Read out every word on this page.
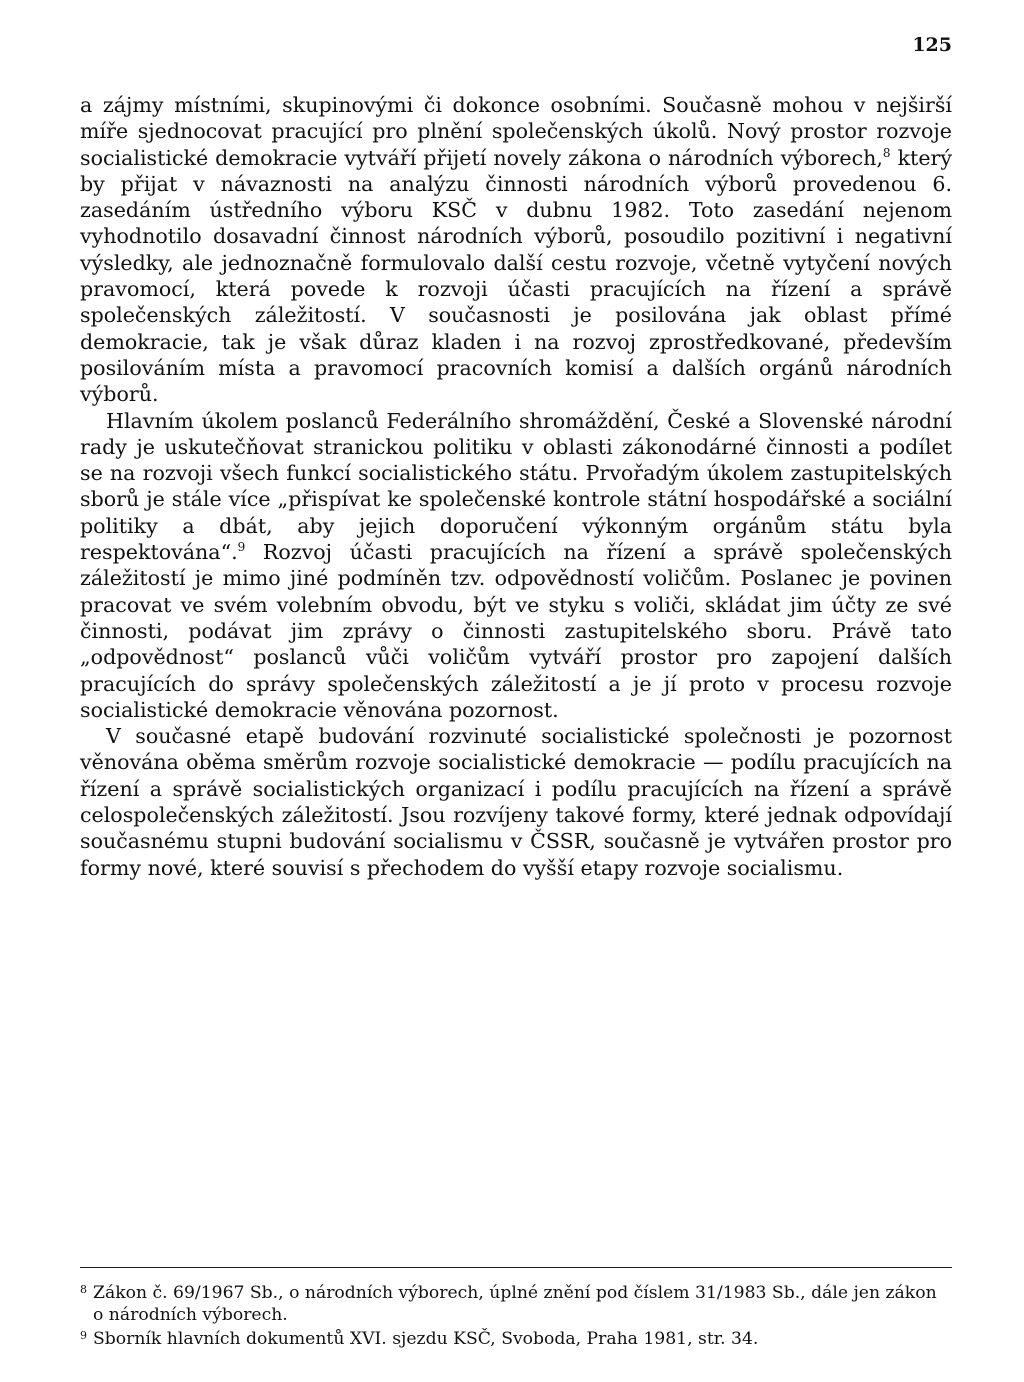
125

a zájmy místními, skupinovými či dokonce osobními. Současně mohou v nejširší míře sjednocovat pracující pro plnění společenských úkolů. Nový prostor rozvoje socialistické demokracie vytváří přijetí novely zákona o národních výborech,$^8$ který by přijat v návaznosti na analýzu činnosti národních výborů provedenou 6. zasedáním ústředního výboru KSČ v dubnu 1982. Toto zasedání nejenom vyhodnotilo dosavadní činnost národních výborů, posoudilo pozitivní i negativní výsledky, ale jednoznačně formulovalo další cestu rozvoje, včetně vytyčení nových pravomocí, která povede k rozvoji účasti pracujících na řízení a správě společenských záležitostí. V současnosti je posilována jak oblast přímé demokracie, tak je však důraz kladen i na rozvoj zprostředkované, především posilováním místa a pravomocí pracovních komisí a dalších orgánů národních výborů.

Hlavním úkolem poslanců Federálního shromáždění, České a Slovenské národní rady je uskutečňovat stranickou politiku v oblasti zákonodárné činnosti a podílet se na rozvoji všech funkcí socialistického státu. Prvořadým úkolem zastupitelských sborů je stále více „přispívat ke společenské kontrole státní hospodářské a sociální politiky a dbát, aby jejich doporučení výkonným orgánům státu byla respektována“.$^9$ Rozvoj účasti pracujících na řízení a správě společenských záležitostí je mimo jiné podmíněn tzv. odpovědností voličům. Poslanec je povinen pracovat ve svém volebním obvodu, být ve styku s voliči, skládat jim účty ze své činnosti, podávat jim zprávy o činnosti zastupitelského sboru. Právě tato „odpovědnost“ poslanců vůči voličům vytváří prostor pro zapojení dalších pracujících do správy společenských záležitostí a je jí proto v procesu rozvoje socialistické demokracie věnována pozornost.

V současné etapě budování rozvinuté socialistické společnosti je pozornost věnována oběma směrům rozvoje socialistické demokracie — podílu pracujících na řízení a správě socialistických organizací i podílu pracujících na řízení a správě celospolečenských záležitostí. Jsou rozvíjeny takové formy, které jednak odpovídají současnému stupni budování socialismu v ČSSR, současně je vytvářen prostor pro formy nové, které souvisí s přechodem do vyšší etapy rozvoje socialismu.

8 Zákon č. 69/1967 Sb., o národních výborech, úplné znění pod číslem 31/1983 Sb., dále jen zákon o národních výborech.
9 Sborník hlavních dokumentů XVI. sjezdu KSČ, Svoboda, Praha 1981, str. 34.
